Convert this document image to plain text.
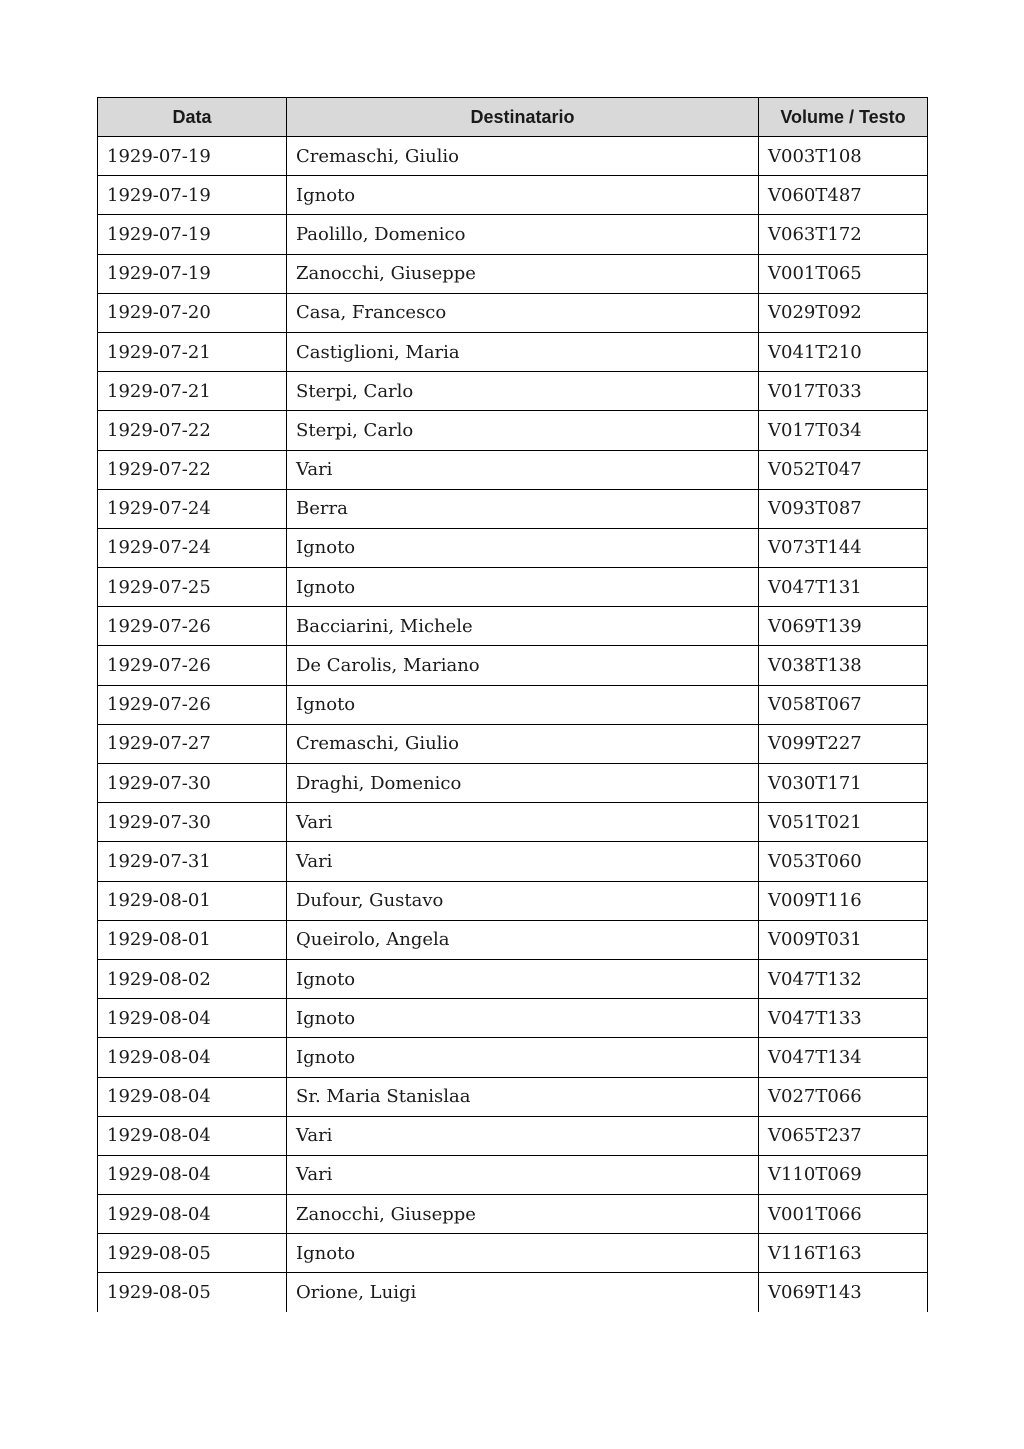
Data	Destinatario	Volume / Testo
1929-07-19	Cremaschi, Giulio	V003T108
1929-07-19	Ignoto	V060T487
1929-07-19	Paolillo, Domenico	V063T172
1929-07-19	Zanocchi, Giuseppe	V001T065
1929-07-20	Casa, Francesco	V029T092
1929-07-21	Castiglioni, Maria	V041T210
1929-07-21	Sterpi, Carlo	V017T033
1929-07-22	Sterpi, Carlo	V017T034
1929-07-22	Vari	V052T047
1929-07-24	Berra	V093T087
1929-07-24	Ignoto	V073T144
1929-07-25	Ignoto	V047T131
1929-07-26	Bacciarini, Michele	V069T139
1929-07-26	De Carolis, Mariano	V038T138
1929-07-26	Ignoto	V058T067
1929-07-27	Cremaschi, Giulio	V099T227
1929-07-30	Draghi, Domenico	V030T171
1929-07-30	Vari	V051T021
1929-07-31	Vari	V053T060
1929-08-01	Dufour, Gustavo	V009T116
1929-08-01	Queirolo, Angela	V009T031
1929-08-02	Ignoto	V047T132
1929-08-04	Ignoto	V047T133
1929-08-04	Ignoto	V047T134
1929-08-04	Sr. Maria Stanislaa	V027T066
1929-08-04	Vari	V065T237
1929-08-04	Vari	V110T069
1929-08-04	Zanocchi, Giuseppe	V001T066
1929-08-05	Ignoto	V116T163
1929-08-05	Orione, Luigi	V069T143
